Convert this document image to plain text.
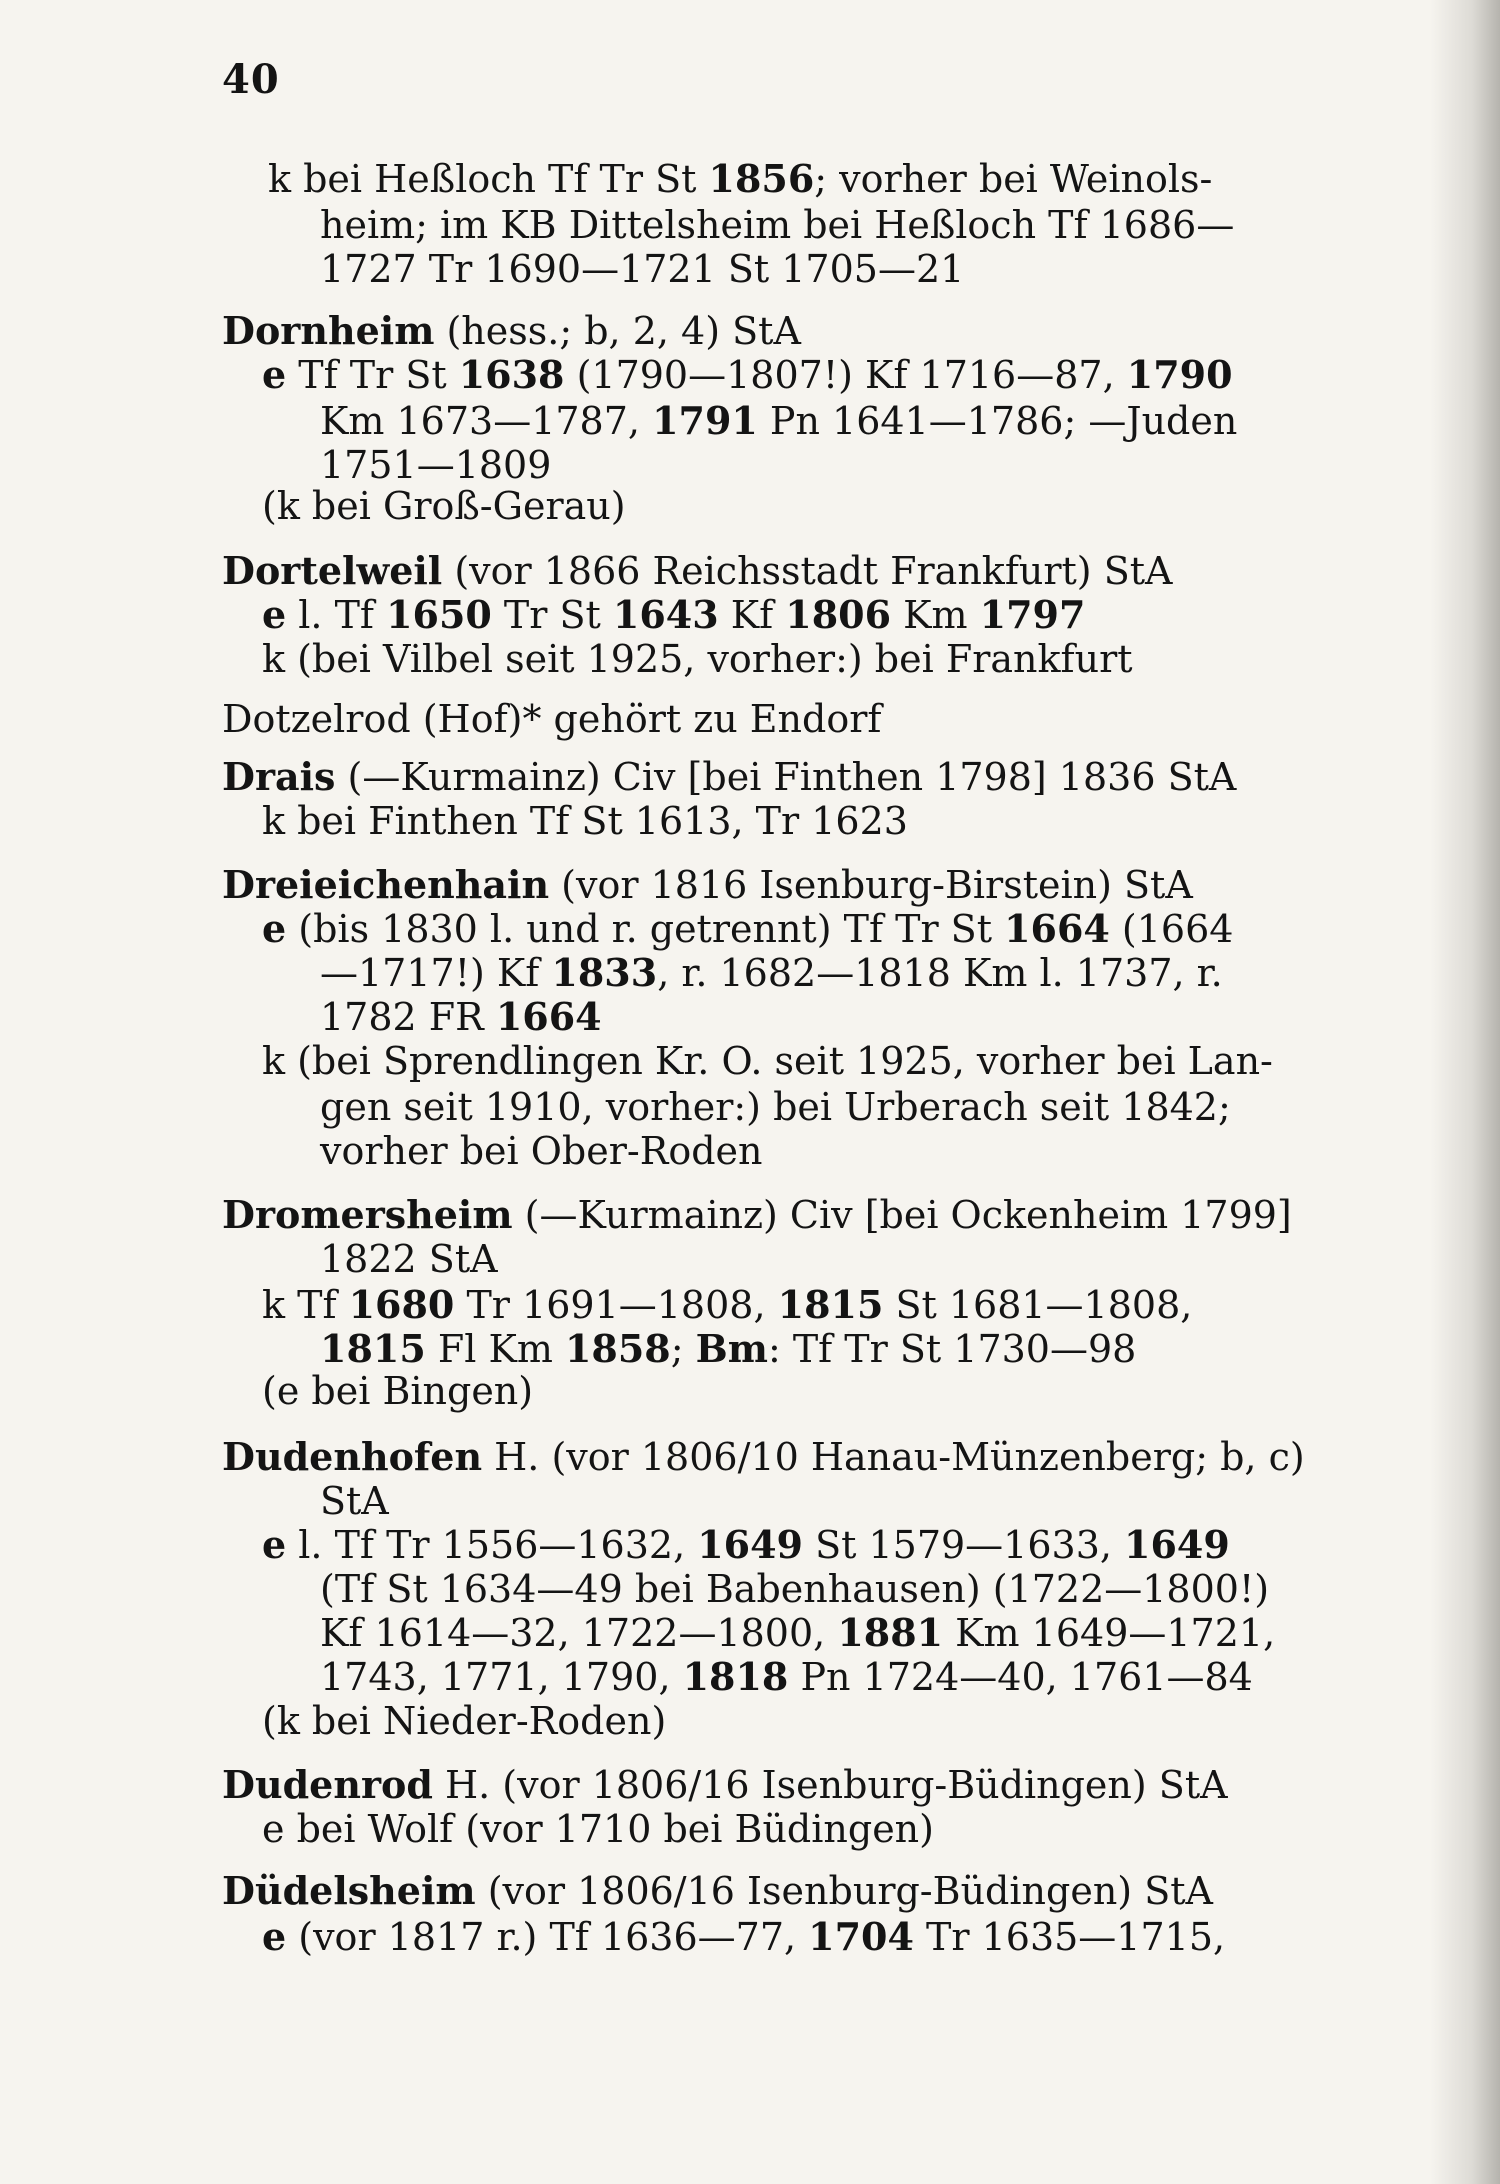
40
k bei Heßloch Tf Tr St 1856; vorher bei Weinols-
heim; im KB Dittelsheim bei Heßloch Tf 1686—
1727 Tr 1690—1721 St 1705—21
Dornheim (hess.; b, 2, 4) StA
e Tf Tr St 1638 (1790—1807!) Kf 1716—87, 1790
Km 1673—1787, 1791 Pn 1641—1786; —Juden
1751—1809
(k bei Groß-Gerau)
Dortelweil (vor 1866 Reichsstadt Frankfurt) StA
e l. Tf 1650 Tr St 1643 Kf 1806 Km 1797
k (bei Vilbel seit 1925, vorher:) bei Frankfurt
Dotzelrod (Hof)* gehört zu Endorf
Drais (—Kurmainz) Civ [bei Finthen 1798] 1836 StA
k bei Finthen Tf St 1613, Tr 1623
Dreieichenhain (vor 1816 Isenburg-Birstein) StA
e (bis 1830 l. und r. getrennt) Tf Tr St 1664 (1664
—1717!) Kf 1833, r. 1682—1818 Km l. 1737, r.
1782 FR 1664
k (bei Sprendlingen Kr. O. seit 1925, vorher bei Lan-
gen seit 1910, vorher:) bei Urberach seit 1842;
vorher bei Ober-Roden
Dromersheim (—Kurmainz) Civ [bei Ockenheim 1799]
1822 StA
k Tf 1680 Tr 1691—1808, 1815 St 1681—1808,
1815 Fl Km 1858; Bm: Tf Tr St 1730—98
(e bei Bingen)
Dudenhofen H. (vor 1806/10 Hanau-Münzenberg; b, c)
StA
e l. Tf Tr 1556—1632, 1649 St 1579—1633, 1649
(Tf St 1634—49 bei Babenhausen) (1722—1800!)
Kf 1614—32, 1722—1800, 1881 Km 1649—1721,
1743, 1771, 1790, 1818 Pn 1724—40, 1761—84
(k bei Nieder-Roden)
Dudenrod H. (vor 1806/16 Isenburg-Büdingen) StA
e bei Wolf (vor 1710 bei Büdingen)
Düdelsheim (vor 1806/16 Isenburg-Büdingen) StA
e (vor 1817 r.) Tf 1636—77, 1704 Tr 1635—1715,
